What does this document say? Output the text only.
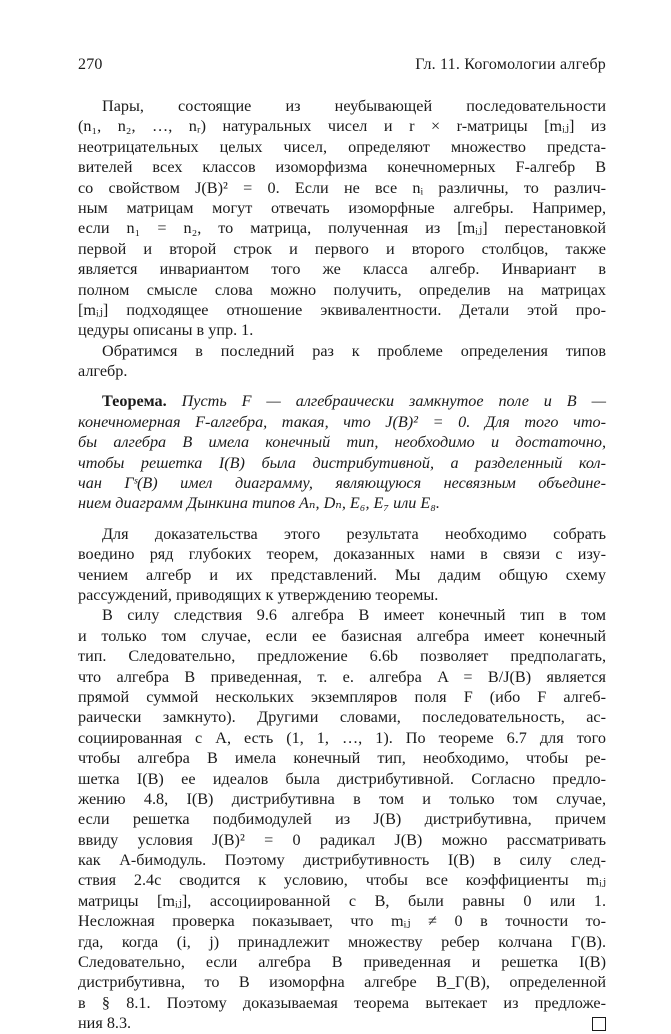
270	Гл. 11. Когомологии алгебр
Пары, состоящие из неубывающей последовательности
(n₁, n₂, …, nᵣ) натуральных чисел и r × r-матрицы [mᵢⱼ] из
неотрицательных целых чисел, определяют множество предста-
вителей всех классов изоморфизма конечномерных F-алгебр B
со свойством J(B)² = 0. Если не все nᵢ различны, то различ-
ным матрицам могут отвечать изоморфные алгебры. Например,
если n₁ = n₂, то матрица, полученная из [mᵢⱼ] перестановкой
первой и второй строк и первого и второго столбцов, также
является инвариантом того же класса алгебр. Инвариант в
полном смысле слова можно получить, определив на матрицах
[mᵢⱼ] подходящее отношение эквивалентности. Детали этой про-
цедуры описаны в упр. 1.
Обратимся в последний раз к проблеме определения типов
алгебр.
Теорема. Пусть F — алгебраически замкнутое поле и B —
конечномерная F-алгебра, такая, что J(B)² = 0. Для того что-
бы алгебра B имела конечный тип, необходимо и достаточно,
чтобы решетка I(B) была дистрибутивной, а разделенный кол-
чан Γˢ(B) имел диаграмму, являющуюся несвязным объедине-
нием диаграмм Дынкина типов Aₙ, Dₙ, E₆, E₇ или E₈.
Для доказательства этого результата необходимо собрать
воедино ряд глубоких теорем, доказанных нами в связи с изу-
чением алгебр и их представлений. Мы дадим общую схему
рассуждений, приводящих к утверждению теоремы.
В силу следствия 9.6 алгебра B имеет конечный тип в том
и только том случае, если ее базисная алгебра имеет конечный
тип. Следовательно, предложение 6.6b позволяет предполагать,
что алгебра B приведенная, т. е. алгебра A = B/J(B) является
прямой суммой нескольких экземпляров поля F (ибо F алгеб-
раически замкнуто). Другими словами, последовательность, ас-
социированная с A, есть (1, 1, …, 1). По теореме 6.7 для того
чтобы алгебра B имела конечный тип, необходимо, чтобы ре-
шетка I(B) ее идеалов была дистрибутивной. Согласно предло-
жению 4.8, I(B) дистрибутивна в том и только том случае,
если решетка подбимодулей из J(B) дистрибутивна, причем
ввиду условия J(B)² = 0 радикал J(B) можно рассматривать
как A-бимодуль. Поэтому дистрибутивность I(B) в силу след-
ствия 2.4c сводится к условию, чтобы все коэффициенты mᵢⱼ
матрицы [mᵢⱼ], ассоциированной с B, были равны 0 или 1.
Несложная проверка показывает, что mᵢⱼ ≠ 0 в точности то-
гда, когда (i, j) принадлежит множеству ребер колчана Γ(B).
Следовательно, если алгебра B приведенная и решетка I(B)
дистрибутивна, то B изоморфна алгебре B_Γ(B), определенной
в § 8.1. Поэтому доказываемая теорема вытекает из предложе-
ния 8.3.
